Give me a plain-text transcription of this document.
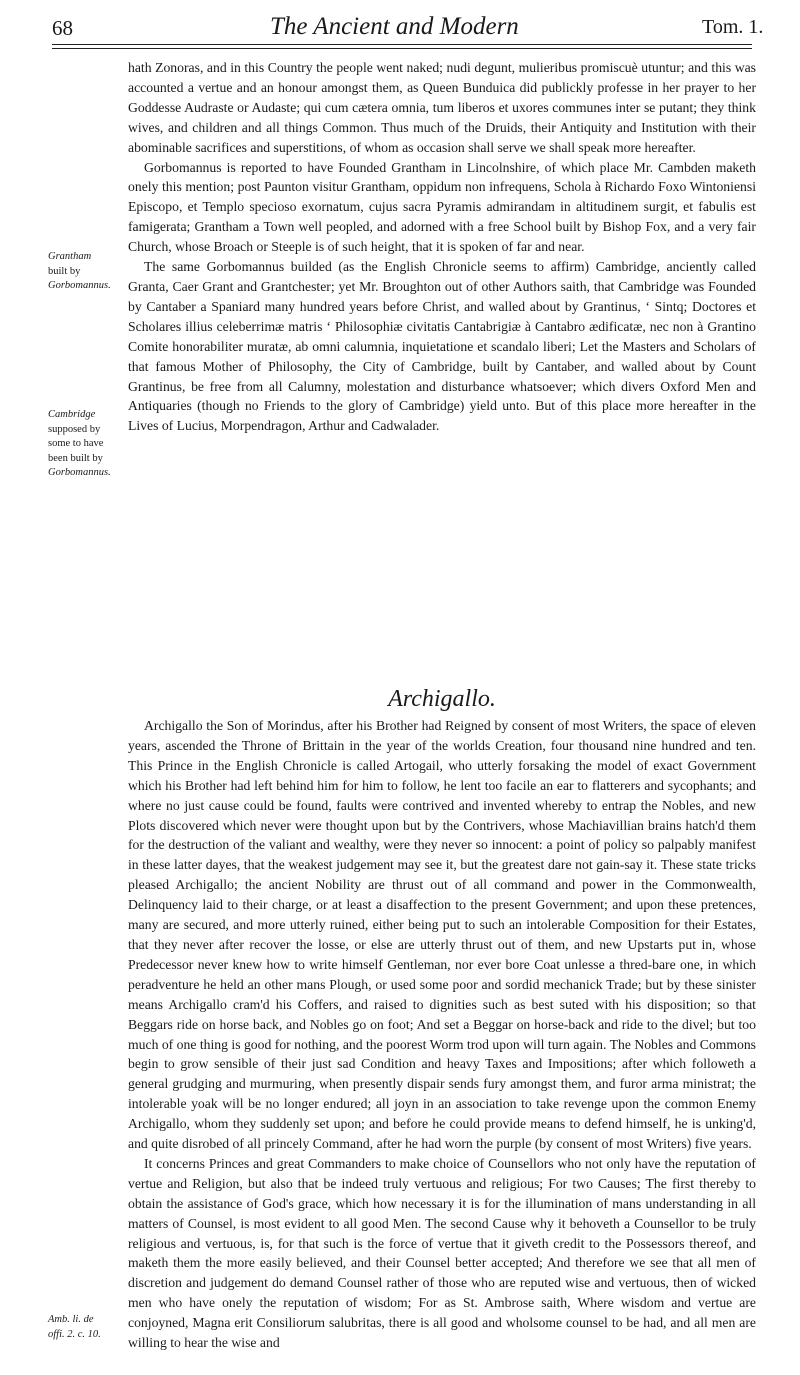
68	The Ancient and Modern	Tom. 1.
Grantham
built by
Gorbomannus.
Cambridge
supposed by
some to have
been built by
Gorbomannus.
Amb. li. de
offi. 2. c. 10.

hath Zonoras, and in this Country the people went naked; nudi degunt, mulieribus promiscuè utuntur; and this was accounted a vertue and an honour amongst them, as Queen Bunduica did publickly professe in her prayer to her Goddesse Audraste or Audaste; qui cum cætera omnia, tum liberos et uxores communes inter se putant; they think wives, and children and all things Common. Thus much of the Druids, their Antiquity and Institution with their abominable sacrifices and superstitions, of whom as occasion shall serve we shall speak more hereafter.

Gorbomannus is reported to have Founded Grantham in Lincolnshire, of which place Mr. Cambden maketh onely this mention; post Paunton visitur Grantham, oppidum non infrequens, Schola à Richardo Foxo Wintoniensi Episcopo, et Templo specioso exornatum, cujus sacra Pyramis admirandam in altitudinem surgit, et fabulis est famigerata; Grantham a Town well peopled, and adorned with a free School built by Bishop Fox, and a very fair Church, whose Broach or Steeple is of such height, that it is spoken of far and near.

The same Gorbomannus builded (as the English Chronicle seems to affirm) Cambridge, anciently called Granta, Caer Grant and Grantchester; yet Mr. Broughton out of other Authors saith, that Cambridge was Founded by Cantaber a Spaniard many hundred years before Christ, and walled about by Grantinus, ‘ Sintq; Doctores et Scholares illius celeberrimæ matris ‘ Philosophiæ civitatis Cantabrigiæ à Cantabro ædificatæ, nec non à Grantino Comite honorabiliter muratæ, ab omni calumnia, inquietatione et scandalo liberi; Let the Masters and Scholars of that famous Mother of Philosophy, the City of Cambridge, built by Cantaber, and walled about by Count Grantinus, be free from all Calumny, molestation and disturbance whatsoever; which divers Oxford Men and Antiquaries (though no Friends to the glory of Cambridge) yield unto. But of this place more hereafter in the Lives of Lucius, Morpendragon, Arthur and Cadwalader.

Archigallo.

Archigallo the Son of Morindus, after his Brother had Reigned by consent of most Writers, the space of eleven years, ascended the Throne of Brittain in the year of the worlds Creation, four thousand nine hundred and ten. This Prince in the English Chronicle is called Artogail, who utterly forsaking the model of exact Government which his Brother had left behind him for him to follow, he lent too facile an ear to flatterers and sycophants; and where no just cause could be found, faults were contrived and invented whereby to entrap the Nobles, and new Plots discovered which never were thought upon but by the Contrivers, whose Machiavillian brains hatch'd them for the destruction of the valiant and wealthy, were they never so innocent: a point of policy so palpably manifest in these latter dayes, that the weakest judgement may see it, but the greatest dare not gain-say it. These state tricks pleased Archigallo; the ancient Nobility are thrust out of all command and power in the Commonwealth, Delinquency laid to their charge, or at least a disaffection to the present Government; and upon these pretences, many are secured, and more utterly ruined, either being put to such an intolerable Composition for their Estates, that they never after recover the losse, or else are utterly thrust out of them, and new Upstarts put in, whose Predecessor never knew how to write himself Gentleman, nor ever bore Coat unlesse a thred-bare one, in which peradventure he held an other mans Plough, or used some poor and sordid mechanick Trade; but by these sinister means Archigallo cram'd his Coffers, and raised to dignities such as best suted with his disposition; so that Beggars ride on horse back, and Nobles go on foot; And set a Beggar on horse-back and ride to the divel; but too much of one thing is good for nothing, and the poorest Worm trod upon will turn again. The Nobles and Commons begin to grow sensible of their just sad Condition and heavy Taxes and Impositions; after which followeth a general grudging and murmuring, when presently dispair sends fury amongst them, and furor arma ministrat; the intolerable yoak will be no longer endured; all joyn in an association to take revenge upon the common Enemy Archigallo, whom they suddenly set upon; and before he could provide means to defend himself, he is unking'd, and quite disrobed of all princely Command, after he had worn the purple (by consent of most Writers) five years.

It concerns Princes and great Commanders to make choice of Counsellors who not only have the reputation of vertue and Religion, but also that be indeed truly vertuous and religious; For two Causes; The first thereby to obtain the assistance of God's grace, which how necessary it is for the illumination of mans understanding in all matters of Counsel, is most evident to all good Men. The second Cause why it behoveth a Counsellor to be truly religious and vertuous, is, for that such is the force of vertue that it giveth credit to the Possessors thereof, and maketh them the more easily believed, and their Counsel better accepted; And therefore we see that all men of discretion and judgement do demand Counsel rather of those who are reputed wise and vertuous, then of wicked men who have onely the reputation of wisdom; For as St. Ambrose saith, Where wisdom and vertue are conjoyned, Magna erit Consiliorum salubritas, there is all good and wholsome counsel to be had, and all men are willing to hear the wise and
